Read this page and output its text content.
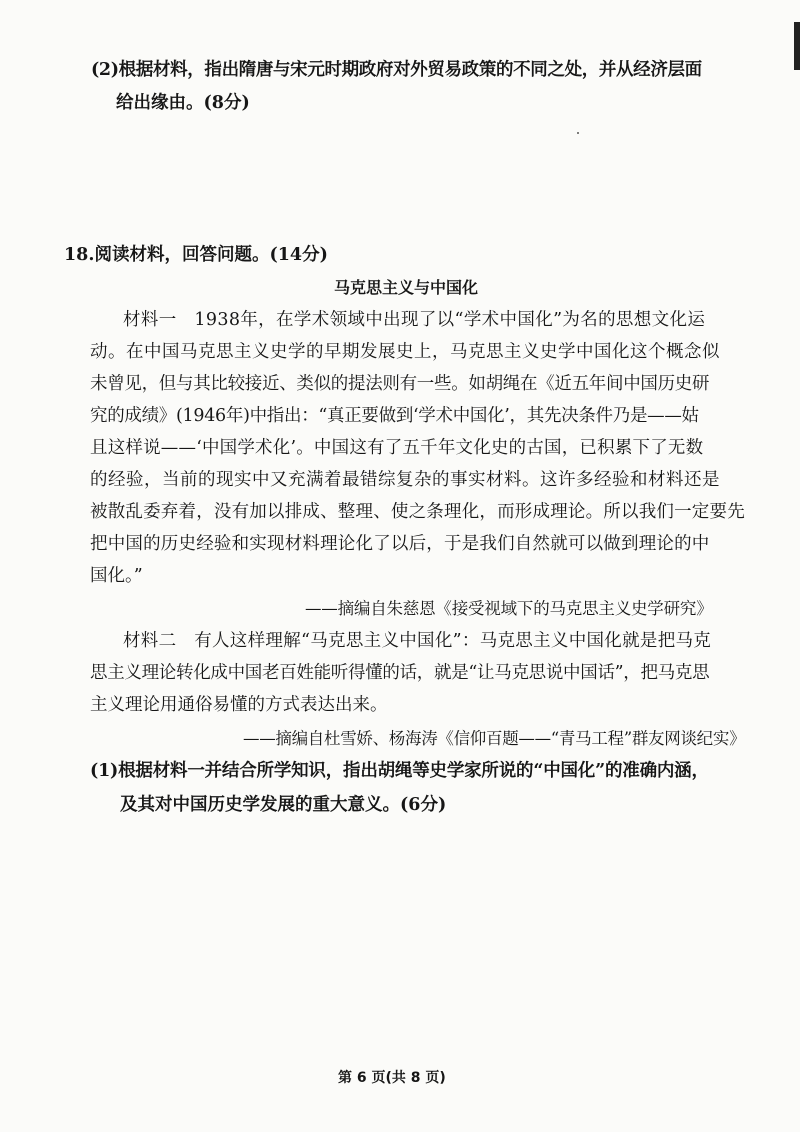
(2)根据材料，指出隋唐与宋元时期政府对外贸易政策的不同之处，并从经济层面
给出缘由。(8分)
18.阅读材料，回答问题。(14分)
马克思主义与中国化
材料一　1938年，在学术领域中出现了以“学术中国化”为名的思想文化运
动。在中国马克思主义史学的早期发展史上，马克思主义史学中国化这个概念似
未曾见，但与其比较接近、类似的提法则有一些。如胡绳在《近五年间中国历史研
究的成绩》(1946年)中指出：“真正要做到‘学术中国化’，其先决条件乃是——姑
且这样说——‘中国学术化’。中国这有了五千年文化史的古国，已积累下了无数
的经验，当前的现实中又充满着最错综复杂的事实材料。这许多经验和材料还是
被散乱委弃着，没有加以排成、整理、使之条理化，而形成理论。所以我们一定要先
把中国的历史经验和实现材料理论化了以后，于是我们自然就可以做到理论的中
国化。”
——摘编自朱慈恩《接受视域下的马克思主义史学研究》
材料二　有人这样理解“马克思主义中国化”：马克思主义中国化就是把马克
思主义理论转化成中国老百姓能听得懂的话，就是“让马克思说中国话”，把马克思
主义理论用通俗易懂的方式表达出来。
——摘编自杜雪娇、杨海涛《信仰百题——“青马工程”群友网谈纪实》
(1)根据材料一并结合所学知识，指出胡绳等史学家所说的“中国化”的准确内涵，
及其对中国历史学发展的重大意义。(6分)
第 6 页(共 8 页)
